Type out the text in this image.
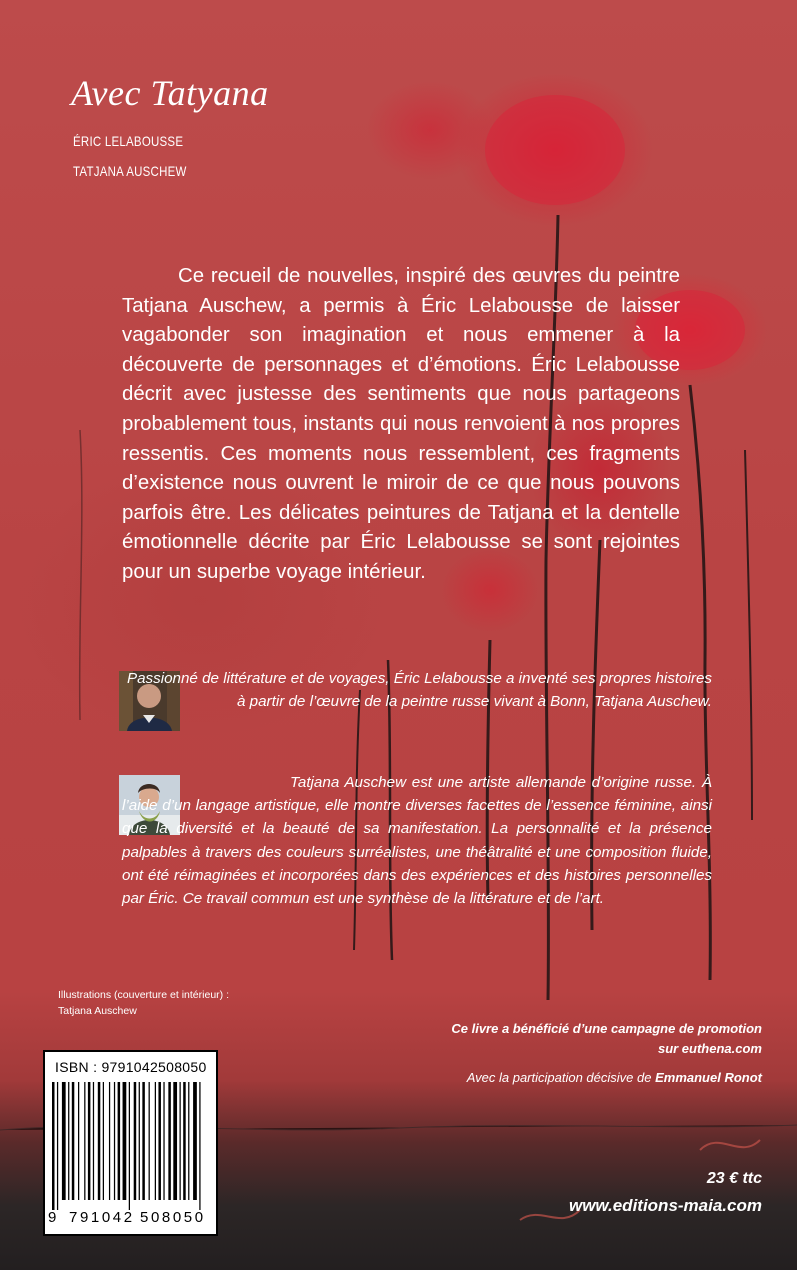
Avec Tatyana
ÉRIC LELABOUSSE
TATJANA AUSCHEW

Ce recueil de nouvelles, inspiré des œuvres du peintre Tatjana Auschew, a permis à Éric Lelabousse de laisser vagabonder son imagination et nous emmener à la découverte de personnages et d’émotions. Éric Lelabousse décrit avec justesse des sentiments que nous partageons probablement tous, instants qui nous renvoient à nos propres ressentis. Ces moments nous ressemblent, ces fragments d’existence nous ouvrent le miroir de ce que nous pouvons parfois être. Les délicates peintures de Tatjana et la dentelle émotionnelle décrite par Éric Lelabousse se sont rejointes pour un superbe voyage intérieur.

Passionné de littérature et de voyages, Éric Lelabousse a inventé ses propres histoires à partir de l’œuvre de la peintre russe vivant à Bonn, Tatjana Auschew.

Tatjana Auschew est une artiste allemande d’origine russe. À l’aide d’un langage artistique, elle montre diverses facettes de l’essence féminine, ainsi que la diversité et la beauté de sa manifestation. La personnalité et la présence palpables à travers des couleurs surréalistes, une théâtralité et une composition fluide, ont été réimaginées et incorporées dans des expériences et des histoires personnelles par Éric. Ce travail commun est une synthèse de la littérature et de l’art.

Illustrations (couverture et intérieur) :
Tatjana Auschew
Ce livre a bénéficié d’une campagne de promotion
sur euthena.com
Avec la participation décisive de Emmanuel Ronot
ISBN : 9791042508050
9 791042 508050
23 € ttc
www.editions-maia.com
